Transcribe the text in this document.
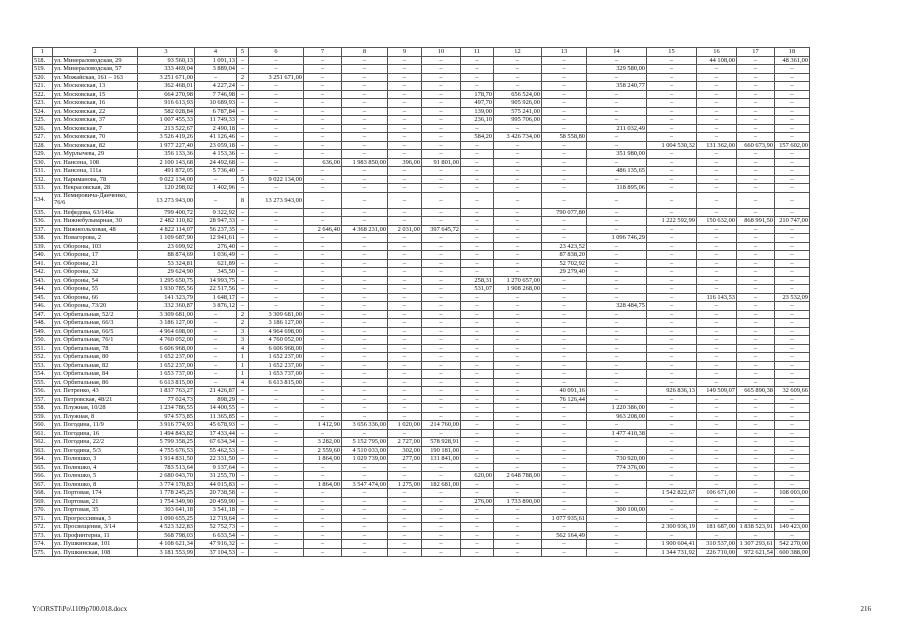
1	2	3	4	5	6	7	8	9	10	11	12	13	14	15	16	17	18
518.	ул. Минераловодская, 29	93 560,13	1 091,13	–	–	–	–	–	–	–	–	–	–	–	44 108,00	–	48 361,00
519.	ул. Минераловодская, 57	333 469,04	3 889,04	–	–	–	–	–	–	–	–	–	329 580,00	–	–	–	–
520.	ул. Можайская, 161 – 163	3 251 671,00	–	2	3 251 671,00	–	–	–	–	–	–	–	–	–	–	–	–
521.	ул. Московская, 13	362 468,01	4 227,24	–	–	–	–	–	–	–	–	–	358 240,77	–	–	–	–
522.	ул. Московская, 15	664 270,98	7 746,98	–	–	–	–	–	–	178,70	656 524,00	–	–	–	–	–	–
523.	ул. Московская, 16	916 613,93	10 689,93	–	–	–	–	–	–	497,70	905 926,00	–	–	–	–	–	–
524.	ул. Московская, 22	582 028,84	6 787,84	–	–	–	–	–	–	139,00	575 241,00	–	–	–	–	–	–
525.	ул. Московская, 37	1 007 455,33	11 749,33	–	–	–	–	–	–	236,10	995 706,00	–	–	–	–	–	–
526.	ул. Московская, 7	213 522,67	2 490,18	–	–	–	–	–	–	–	–	–	211 032,49	–	–	–	–
527.	ул. Московская, 70	3 526 419,26	41 126,46	–	–	–	–	–	–	584,20	3 426 734,00	58 558,80	–	–	–	–	–
528.	ул. Московская, 82	1 977 227,40	23 059,18	–	–	–	–	–	–	–	–	–	–	1 004 530,32	131 362,00	660 673,90	157 602,00
529.	ул. Мурлычева, 29	356 133,36	4 153,36	–	–	–	–	–	–	–	–	–	351 980,00	–	–	–	–
530.	ул. Нансена, 108	2 100 143,68	24 492,68	–	–	636,00	1 983 850,00	396,00	91 801,00	–	–	–	–	–	–	–	–
531.	ул. Нансена, 111а	491 872,05	5 736,40	–	–	–	–	–	–	–	–	–	486 135,65	–	–	–	–
532.	ул. Нариманова, 78	9 022 134,00	–	5	9 022 134,00	–	–	–	–	–	–	–	–	–	–	–	–
533.	ул. Некрасовская, 28	120 298,02	1 402,96	–	–	–	–	–	–	–	–	–	118 895,06	–	–	–	–
534.	ул. Немировича-Данченко, 76/6	13 273 943,00	–	8	13 273 943,00	–	–	–	–	–	–	–	–	–	–	–	–
535.	ул. Нефедова, 63/146а	799 400,72	9 322,92	–	–	–	–	–	–	–	–	790 077,80	–	–	–	–	–
536.	ул. Нижнебульварная, 30	2 482 110,82	28 947,33	–	–	–	–	–	–	–	–	–	–	1 222 592,99	150 632,00	868 991,50	210 747,00
537.	ул. Нижнеольховая, 48	4 822 114,07	56 237,35	–	–	2 646,40	4 368 231,00	2 031,00	397 645,72	–	–	–	–	–	–	–	–
538.	ул. Новагорова, 2	1 109 687,90	12 941,61	–	–	–	–	–	–	–	–	–	1 096 746,29	–	–	–	–
539.	ул. Обороны, 103	23 699,92	276,40	–	–	–	–	–	–	–	–	23 423,52	–	–	–	–	–
540.	ул. Обороны, 17	88 874,69	1 036,49	–	–	–	–	–	–	–	–	87 838,20	–	–	–	–	–
541.	ул. Обороны, 21	53 324,81	621,89	–	–	–	–	–	–	–	–	52 702,92	–	–	–	–	–
542.	ул. Обороны, 32	29 624,90	345,50	–	–	–	–	–	–	–	–	29 279,40	–	–	–	–	–
543.	ул. Обороны, 54	1 295 650,75	14 993,75	–	–	–	–	–	–	258,31	1 270 657,00	–	–	–	–	–	–
544.	ул. Обороны, 55	1 930 785,56	22 517,56	–	–	–	–	–	–	531,07	1 908 268,00	–	–	–	–	–	–
545.	ул. Обороны, 66	141 323,79	1 648,17	–	–	–	–	–	–	–	–	–	–	–	116 143,53	–	23 532,09
546.	ул. Обороны, 73/20	332 360,87	3 876,12	–	–	–	–	–	–	–	–	–	328 484,75	–	–	–	–
547.	ул. Орбитальная, 52/2	3 309 681,00	–	2	3 309 681,00	–	–	–	–	–	–	–	–	–	–	–	–
548.	ул. Орбитальная, 66/3	3 186 127,00	–	2	3 186 127,00	–	–	–	–	–	–	–	–	–	–	–	–
549.	ул. Орбитальная, 66/5	4 964 698,00	–	3	4 964 698,00	–	–	–	–	–	–	–	–	–	–	–	–
550.	ул. Орбитальная, 76/1	4 760 052,00	–	3	4 760 052,00	–	–	–	–	–	–	–	–	–	–	–	–
551.	ул. Орбитальная, 78	6 606 968,00	–	4	6 606 968,00	–	–	–	–	–	–	–	–	–	–	–	–
552.	ул. Орбитальная, 80	1 652 237,00	–	1	1 652 237,00	–	–	–	–	–	–	–	–	–	–	–	–
553.	ул. Орбитальная, 82	1 652 237,00	–	1	1 652 237,00	–	–	–	–	–	–	–	–	–	–	–	–
554.	ул. Орбитальная, 84	1 653 737,00	–	1	1 653 737,00	–	–	–	–	–	–	–	–	–	–	–	–
555.	ул. Орбитальная, 86	6 613 815,00	–	4	6 613 815,00	–	–	–	–	–	–	–	–	–	–	–	–
556.	ул. Петренко, 43	1 837 763,27	21 426,87	–	–	–	–	–	–	–	–	40 091,16	–	926 836,13	149 509,07	665 890,38	32 609,66
557.	ул. Петровская, 48/21	77 024,73	898,29	–	–	–	–	–	–	–	–	76 126,44	–	–	–	–	–
558.	ул. Плужная, 10/28	1 234 786,55	14 400,55	–	–	–	–	–	–	–	–	–	1 220 386,00	–	–	–	–
559.	ул. Плужная, 8	974 573,85	11 365,85	–	–	–	–	–	–	–	–	–	963 208,00	–	–	–	–
560.	ул. Погодина, 11/9	3 916 774,93	45 678,93	–	–	1 412,90	3 656 336,00	1 020,00	214 760,00	–	–	–	–	–	–	–	–
561.	ул. Погодина, 16	1 494 843,82	17 433,44	–	–	–	–	–	–	–	–	–	1 477 410,38	–	–	–	–
562.	ул. Погодина, 22/2	5 799 358,25	67 634,34	–	–	3 282,00	5 152 795,00	2 727,00	578 928,91	–	–	–	–	–	–	–	–
563.	ул. Погодина, 5/3	4 755 676,53	55 462,53	–	–	2 559,60	4 510 033,00	302,00	190 181,00	–	–	–	–	–	–	–	–
564.	ул. Полюшко, 3	1 914 831,50	22 331,50	–	–	1 864,00	1 029 739,00	277,00	131 841,00	–	–	–	730 920,00	–	–	–	–
565.	ул. Полюшко, 4	783 513,64	9 137,64	–	–	–	–	–	–	–	–	–	774 376,00	–	–	–	–
566.	ул. Полюшко, 5	2 680 043,70	31 255,70	–	–	–	–	–	–	620,00	2 648 788,00	–	–	–	–	–	–
567.	ул. Полюшко, 8	3 774 170,83	44 015,83	–	–	1 864,00	3 547 474,00	1 275,00	182 681,00	–	–	–	–	–	–	–	–
568.	ул. Портовая, 174	1 778 245,25	20 738,58	–	–	–	–	–	–	–	–	–	–	1 542 822,67	106 671,00	–	108 003,00
569.	ул. Портовая, 21	1 754 349,90	20 459,90	–	–	–	–	–	–	276,00	1 733 890,00	–	–	–	–	–	–
570.	ул. Портовая, 35	303 641,18	3 541,18	–	–	–	–	–	–	–	–	–	300 100,00	–	–	–	–
571.	ул. Прогрессивная, 3	1 090 655,25	12 719,64	–	–	–	–	–	–	–	–	1 077 935,61	–	–	–	–	–
572.	ул. Просвещения, 3/14	4 523 322,83	52 752,73	–	–	–	–	–	–	–	–	–	–	2 300 936,19	181 687,00	1 838 523,91	149 423,00
573.	ул. Профинтерна, 11	568 798,03	6 633,54	–	–	–	–	–	–	–	–	562 164,49	–	–	–	–	–
574.	ул. Пушкинская, 101	4 108 621,34	47 916,32	–	–	–	–	–	–	–	–	–	–	1 900 604,41	310 537,00	1 307 293,61	542 270,00
575.	ул. Пушкинская, 108	3 181 553,99	37 104,53	–	–	–	–	–	–	–	–	–	–	1 344 731,92	226 710,00	972 621,54	600 388,00
Y:\ORSTI\Po\1109p700.018.docx	216
